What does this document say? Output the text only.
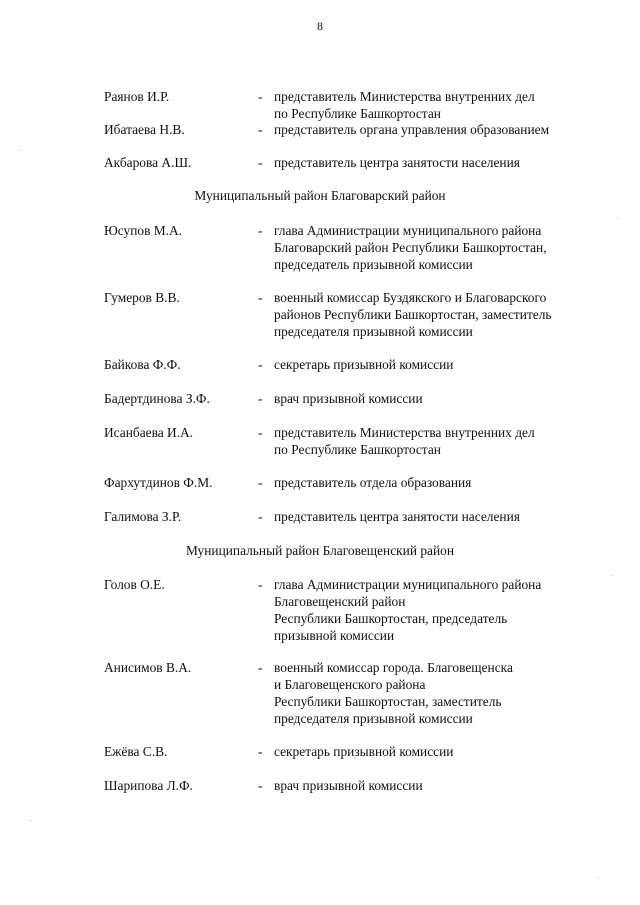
8
Раянов И.Р.	- представитель Министерства внутренних дел
по Республике Башкортостан
Ибатаева Н.В.	- представитель органа управления образованием
Акбарова А.Ш.	- представитель центра занятости населения
Муниципальный район Благоварский район
Юсупов М.А.	- глава Администрации муниципального района
Благоварский район Республики Башкортостан,
председатель призывной комиссии
Гумеров В.В.	- военный комиссар Буздякского и Благоварского
районов Республики Башкортостан, заместитель
председателя призывной комиссии
Байкова Ф.Ф.	- секретарь призывной комиссии
Бадертдинова З.Ф.	- врач призывной комиссии
Исанбаева И.А.	- представитель Министерства внутренних дел
по Республике Башкортостан
Фархутдинов Ф.М.	- представитель отдела образования
Галимова З.Р.	- представитель центра занятости населения
Муниципальный район Благовещенский район
Голов О.Е.	- глава Администрации муниципального района
Благовещенский район
Республики Башкортостан, председатель
призывной комиссии
Анисимов В.А.	- военный комиссар города. Благовещенска
и Благовещенского района
Республики Башкортостан, заместитель
председателя призывной комиссии
Ежёва С.В.	- секретарь призывной комиссии
Шарипова Л.Ф.	- врач призывной комиссии
